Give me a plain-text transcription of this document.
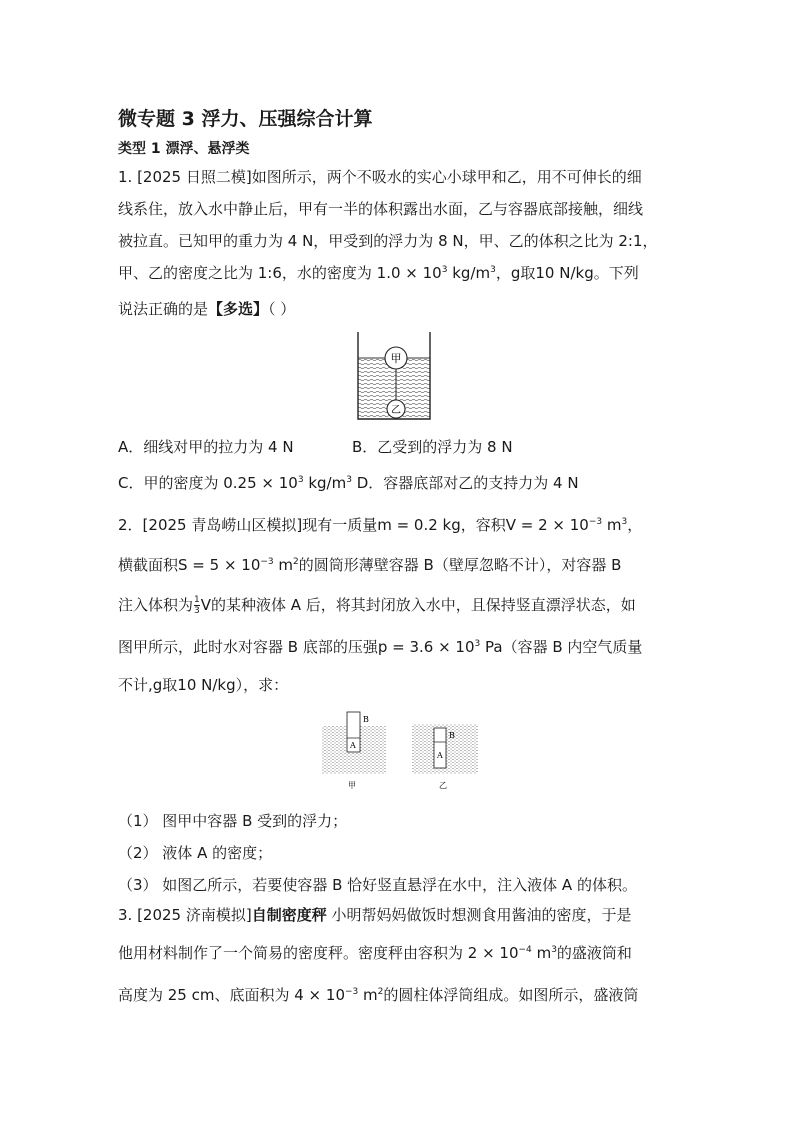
微专题 3 浮力、压强综合计算
类型 1 漂浮、悬浮类
1. [2025 日照二模]如图所示，两个不吸水的实心小球甲和乙，用不可伸长的细
线系住，放入水中静止后，甲有一半的体积露出水面，乙与容器底部接触，细线
被拉直。已知甲的重力为 4 N，甲受到的浮力为 8 N，甲、乙的体积之比为 2:1，
甲、乙的密度之比为 1:6，水的密度为 $1.0 \times 10^3$ $kg/m^3$，g取10 N/kg。下列
说法正确的是【多选】（ ）
甲
乙
A．细线对甲的拉力为 4 N	B．乙受到的浮力为 8 N
C．甲的密度为 $0.25 \times 10^3$ $kg/m^3$ D．容器底部对乙的支持力为 4 N
2．[2025 青岛崂山区模拟]现有一质量m = 0.2 kg，容积$V = 2 \times 10^{-3}$ $m^3$，
横截面积$S = 5 \times 10^{-3}$ $m^2$的圆筒形薄壁容器 B（壁厚忽略不计），对容器 B
注入体积为 $\frac{1}{3}$ V的某种液体 A 后，将其封闭放入水中，且保持竖直漂浮状态，如
图甲所示，此时水对容器 B 底部的压强$p = 3.6 \times 10^3$ Pa（容器 B 内空气质量
不计,g取10 N/kg），求：
B
A
甲
B
A
乙
（1） 图甲中容器 B 受到的浮力；
（2） 液体 A 的密度；
（3） 如图乙所示，若要使容器 B 恰好竖直悬浮在水中，注入液体 A 的体积。
3. [2025 济南模拟]自制密度秤 小明帮妈妈做饭时想测食用酱油的密度，于是
他用材料制作了一个简易的密度秤。密度秤由容积为 $2 \times 10^{-4}$ $m^3$的盛液筒和
高度为 25 cm、底面积为 $4 \times 10^{-3}$ $m^2$的圆柱体浮筒组成。如图所示，盛液筒
